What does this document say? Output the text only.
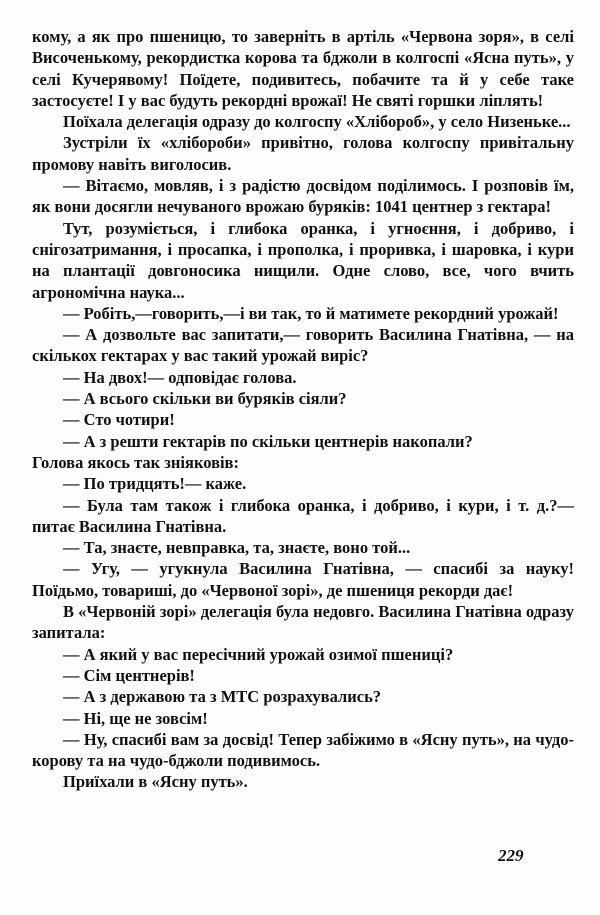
кому, а як про пшеницю, то заверніть в артіль «Червона зоря», в селі Височенькому, рекордистка корова та бджоли в колгоспі «Ясна путь», у селі Кучерявому! Поїдете, подивитесь, побачите та й у себе таке застосуєте! І у вас будуть рекордні врожаї! Не святі горшки ліплять!

Поїхала делегація одразу до колгоспу «Хлібороб», у село Низеньке...

Зустріли їх «хлібороби» привітно, голова колгоспу привітальну промову навіть виголосив.

— Вітаємо, мовляв, і з радістю досвідом поділимось. І розповів їм, як вони досягли нечуваного врожаю буряків: 1041 центнер з гектара!

Тут, розуміється, і глибока оранка, і угноєння, і добриво, і снігозатримання, і просапка, і прополка, і проривка, і шаровка, і кури на плантації довгоносика нищили. Одне слово, все, чого вчить агрономічна наука...

— Робіть,—говорить,—і ви так, то й матимете рекордний урожай!

— А дозвольте вас запитати,— говорить Василина Гнатівна, — на скількох гектарах у вас такий урожай виріс?

— На двох!— одповідає голова.

— А всього скільки ви буряків сіяли?

— Сто чотири!

— А з решти гектарів по скільки центнерів накопали?

Голова якось так зніяковів:

— По тридцять!— каже.

— Була там також і глибока оранка, і добриво, і кури, і т. д.?— питає Василина Гнатівна.

— Та, знаєте, невправка, та, знаєте, воно той...

— Угу, — угукнула Василина Гнатівна, — спасибі за науку! Поїдьмо, товариші, до «Червоної зорі», де пшениця рекорди дає!

В «Червоній зорі» делегація була недовго. Василина Гнатівна одразу запитала:

— А який у вас пересічний урожай озимої пшениці?

— Сім центнерів!

— А з державою та з МТС розрахувались?

— Ні, ще не зовсім!

— Ну, спасибі вам за досвід! Тепер забіжимо в «Ясну путь», на чудо-корову та на чудо-бджоли подивимось.

Приїхали в «Ясну путь».

229
